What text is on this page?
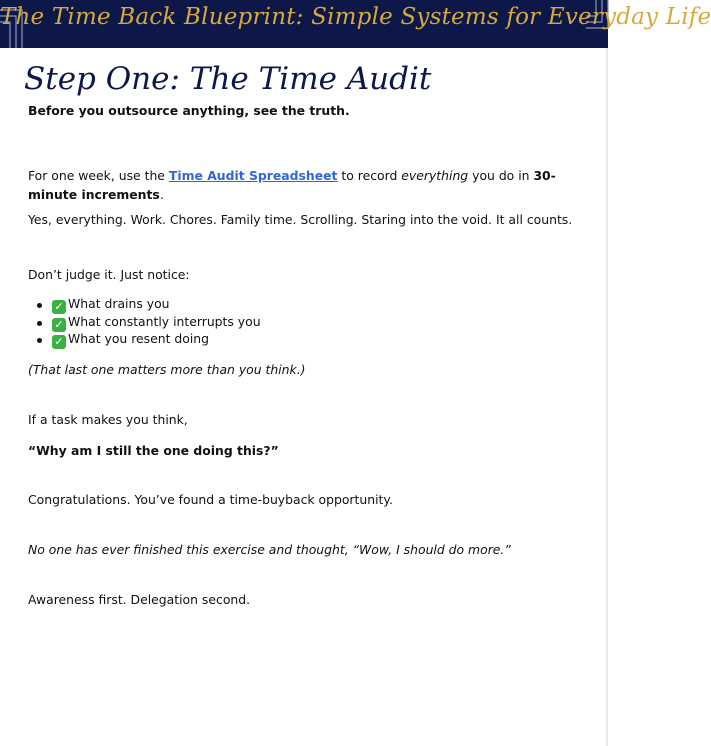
The Time Back Blueprint: Simple Systems for Everyday Life
Step One: The Time Audit
Before you outsource anything, see the truth.
For one week, use the Time Audit Spreadsheet to record everything you do in 30-minute increments.
Yes, everything. Work. Chores. Family time. Scrolling. Staring into the void. It all counts.
Don’t judge it. Just notice:
✓ What drains you
✓ What constantly interrupts you
✓ What you resent doing
(That last one matters more than you think.)
If a task makes you think,
“Why am I still the one doing this?”
Congratulations. You’ve found a time-buyback opportunity.
No one has ever finished this exercise and thought, “Wow, I should do more.”
Awareness first. Delegation second.
